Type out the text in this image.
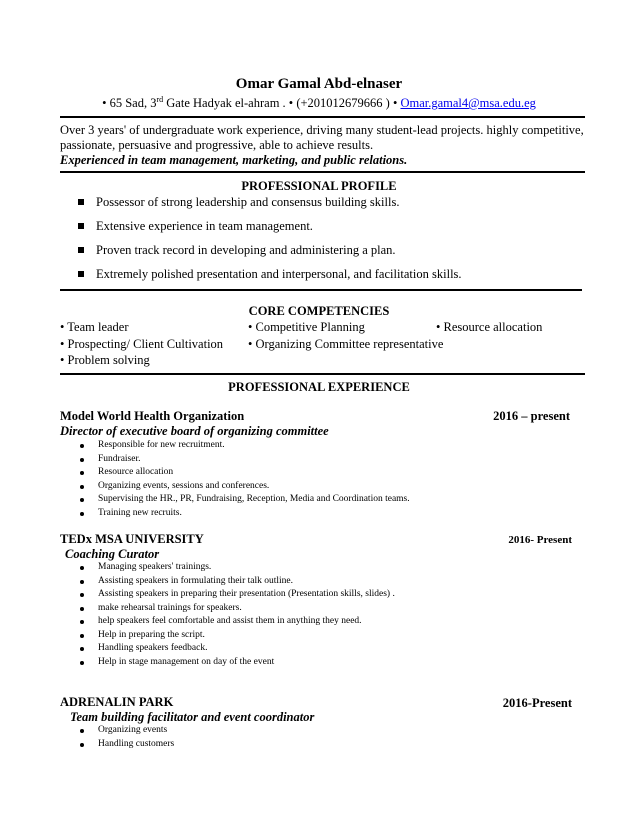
Omar Gamal Abd-elnaser
• 65 Sad, 3rd Gate Hadyak el-ahram . • (+201012679666 ) • Omar.gamal4@msa.edu.eg
Over 3 years' of undergraduate work experience, driving many student-lead projects. highly competitive, passionate, persuasive and progressive, able to achieve results.
Experienced in team management, marketing, and public relations.
PROFESSIONAL PROFILE
Possessor of strong leadership and consensus building skills.
Extensive experience in team management.
Proven track record in developing and administering a plan.
Extremely polished presentation and interpersonal, and facilitation skills.
CORE COMPETENCIES
• Team leader	• Competitive Planning	• Resource allocation
• Prospecting/ Client Cultivation • Organizing Committee representative
• Problem solving
PROFESSIONAL EXPERIENCE
Model World Health Organization	2016 – present
Director of executive board of organizing committee
Responsible for new recruitment.
Fundraiser.
Resource allocation
Organizing events, sessions and conferences.
Supervising the HR., PR, Fundraising, Reception, Media and Coordination teams.
Training new recruits.
TEDx MSA UNIVERSITY	2016- Present
Coaching Curator
Managing speakers' trainings.
Assisting speakers in formulating their talk outline.
Assisting speakers in preparing their presentation (Presentation skills, slides) .
make rehearsal trainings for speakers.
help speakers feel comfortable and assist them in anything they need.
Help in preparing the script.
Handling speakers feedback.
Help in stage management on day of the event
ADRENALIN PARK	2016-Present
Team building facilitator and event coordinator
Organizing events
Handling customers
